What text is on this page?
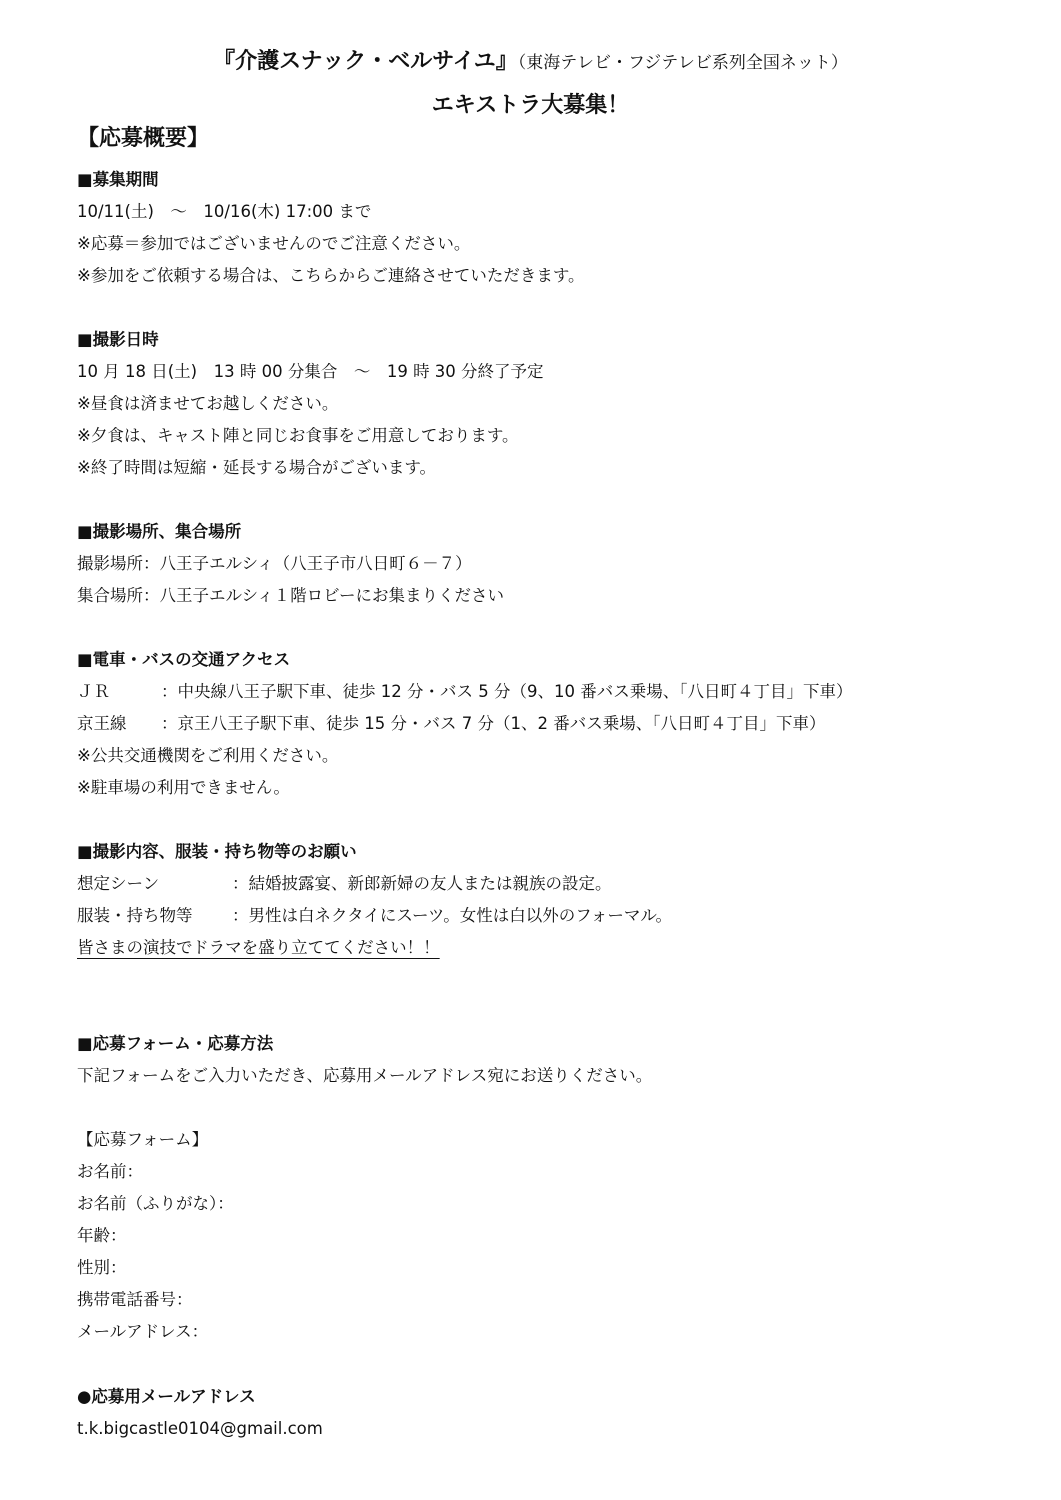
『介護スナック・ベルサイユ』（東海テレビ・フジテレビ系列全国ネット）
エキストラ大募集！
【応募概要】
■募集期間
10/11(土)　～　10/16(木) 17:00 まで
※応募＝参加ではございませんのでご注意ください。
※参加をご依頼する場合は、こちらからご連絡させていただきます。
■撮影日時
10 月 18 日(土)　13 時 00 分集合　～　19 時 30 分終了予定
※昼食は済ませてお越しください。
※夕食は、キャスト陣と同じお食事をご用意しております。
※終了時間は短縮・延長する場合がございます。
■撮影場所、集合場所
撮影場所：八王子エルシィ（八王子市八日町６－７）
集合場所：八王子エルシィ１階ロビーにお集まりください
■電車・バスの交通アクセス
ＪＲ	：中央線八王子駅下車、徒歩 12 分・バス 5 分（9、10 番バス乗場、「八日町４丁目」下車）
京王線 ：京王八王子駅下車、徒歩 15 分・バス 7 分（1、2 番バス乗場、「八日町４丁目」下車）
※公共交通機関をご利用ください。
※駐車場の利用できません。
■撮影内容、服装・持ち物等のお願い
想定シーン	：結婚披露宴、新郎新婦の友人または親族の設定。
服装・持ち物等 ：男性は白ネクタイにスーツ。女性は白以外のフォーマル。
皆さまの演技でドラマを盛り立ててください！！
■応募フォーム・応募方法
下記フォームをご入力いただき、応募用メールアドレス宛にお送りください。
【応募フォーム】
お名前：
お名前（ふりがな）：
年齢：
性別：
携帯電話番号：
メールアドレス：
●応募用メールアドレス
t.k.bigcastle0104@gmail.com
